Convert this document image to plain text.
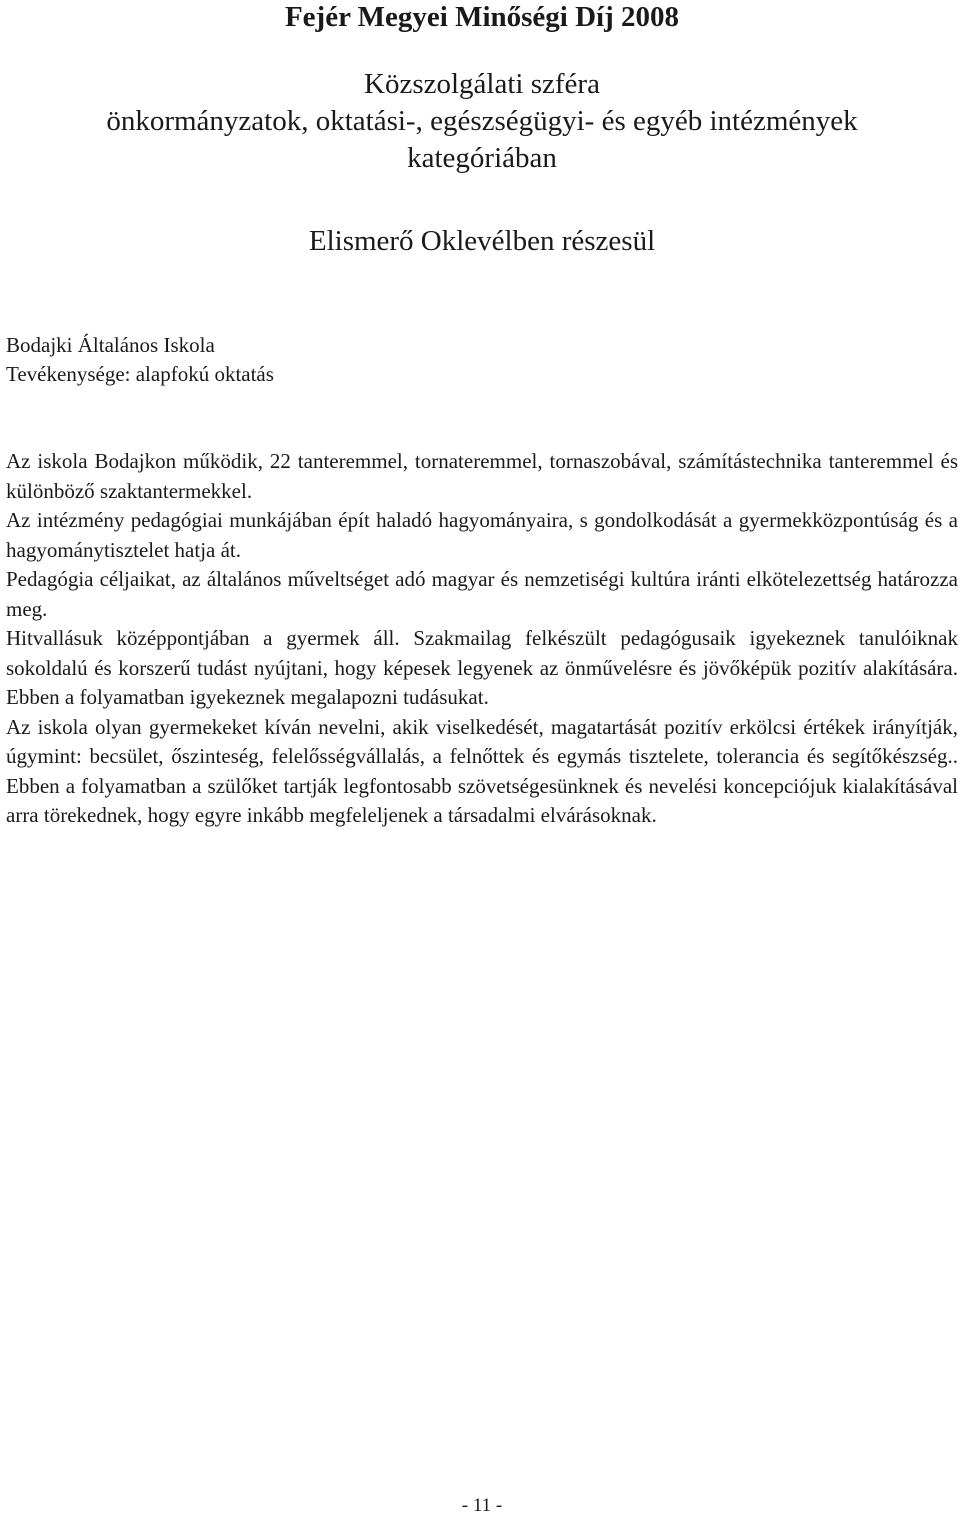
Fejér Megyei Minőségi Díj 2008
Közszolgálati szféra
önkormányzatok, oktatási-, egészségügyi- és egyéb intézmények
kategóriában
Elismerő Oklevélben részesül
Bodajki Általános Iskola
Tevékenysége: alapfokú oktatás

Az iskola Bodajkon működik, 22 tanteremmel, tornateremmel, tornaszobával, számítástechnika tanteremmel és különböző szaktantermekkel.

Az intézmény pedagógiai munkájában épít haladó hagyományaira, s gondolkodását a gyermekközpontúság és a hagyománytisztelet hatja át.

Pedagógia céljaikat, az általános műveltséget adó magyar és nemzetiségi kultúra iránti elkötelezettség határozza meg.

Hitvallásuk középpontjában a gyermek áll. Szakmailag felkészült pedagógusaik igyekeznek tanulóiknak sokoldalú és korszerű tudást nyújtani, hogy képesek legyenek az önművelésre és jövőképük pozitív alakítására. Ebben a folyamatban igyekeznek megalapozni tudásukat.

Az iskola olyan gyermekeket kíván nevelni, akik viselkedését, magatartását pozitív erkölcsi értékek irányítják, úgymint: becsület, őszinteség, felelősségvállalás, a felnőttek és egymás tisztelete, tolerancia és segítőkészség.. Ebben a folyamatban a szülőket tartják legfontosabb szövetségesünknek és nevelési koncepciójuk kialakításával arra törekednek, hogy egyre inkább megfeleljenek a társadalmi elvárásoknak.

- 11 -
